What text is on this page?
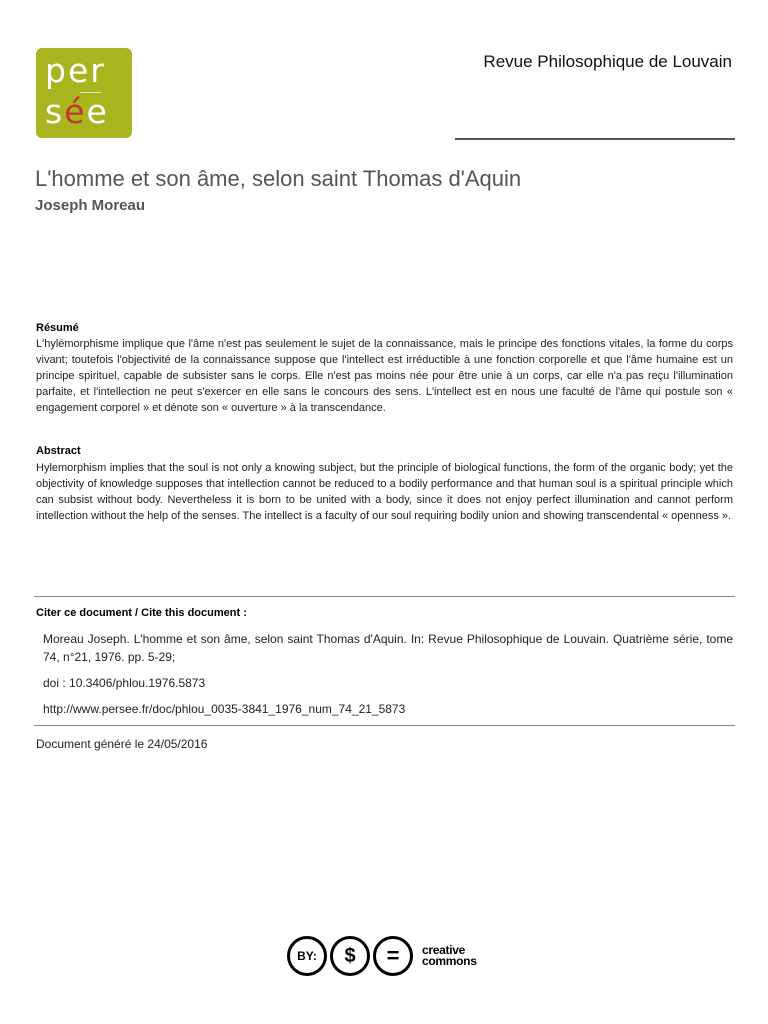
per
sée
Revue Philosophique de Louvain
L'homme et son âme, selon saint Thomas d'Aquin
Joseph Moreau
Résumé
L'hylémorphisme implique que l'âme n'est pas seulement le sujet de la connaissance, mais le principe des fonctions vitales, la forme du corps vivant; toutefois l'objectivité de la connaissance suppose que l'intellect est irréductible à une fonction corporelle et que l'âme humaine est un principe spirituel, capable de subsister sans le corps. Elle n'est pas moins née pour être unie à un corps, car elle n'a pas reçu l'illumination parfaite, et l'intellection ne peut s'exercer en elle sans le concours des sens. L'intellect est en nous une faculté de l'âme qui postule son « engagement corporel » et dénote son « ouverture » à la transcendance.
Abstract
Hylemorphism implies that the soul is not only a knowing subject, but the principle of biological functions, the form of the organic body; yet the objectivity of knowledge supposes that intellection cannot be reduced to a bodily performance and that human soul is a spiritual principle which can subsist without body. Nevertheless it is born to be united with a body, since it does not enjoy perfect illumination and cannot perform intellection without the help of the senses. The intellect is a faculty of our soul requiring bodily union and showing transcendental « openness ».
Citer ce document / Cite this document :
Moreau Joseph. L'homme et son âme, selon saint Thomas d'Aquin. In: Revue Philosophique de Louvain. Quatrième série, tome 74, n°21, 1976. pp. 5-29;
doi : 10.3406/phlou.1976.5873
http://www.persee.fr/doc/phlou_0035-3841_1976_num_74_21_5873
Document généré le 24/05/2016
BY: $ = creative
commons
